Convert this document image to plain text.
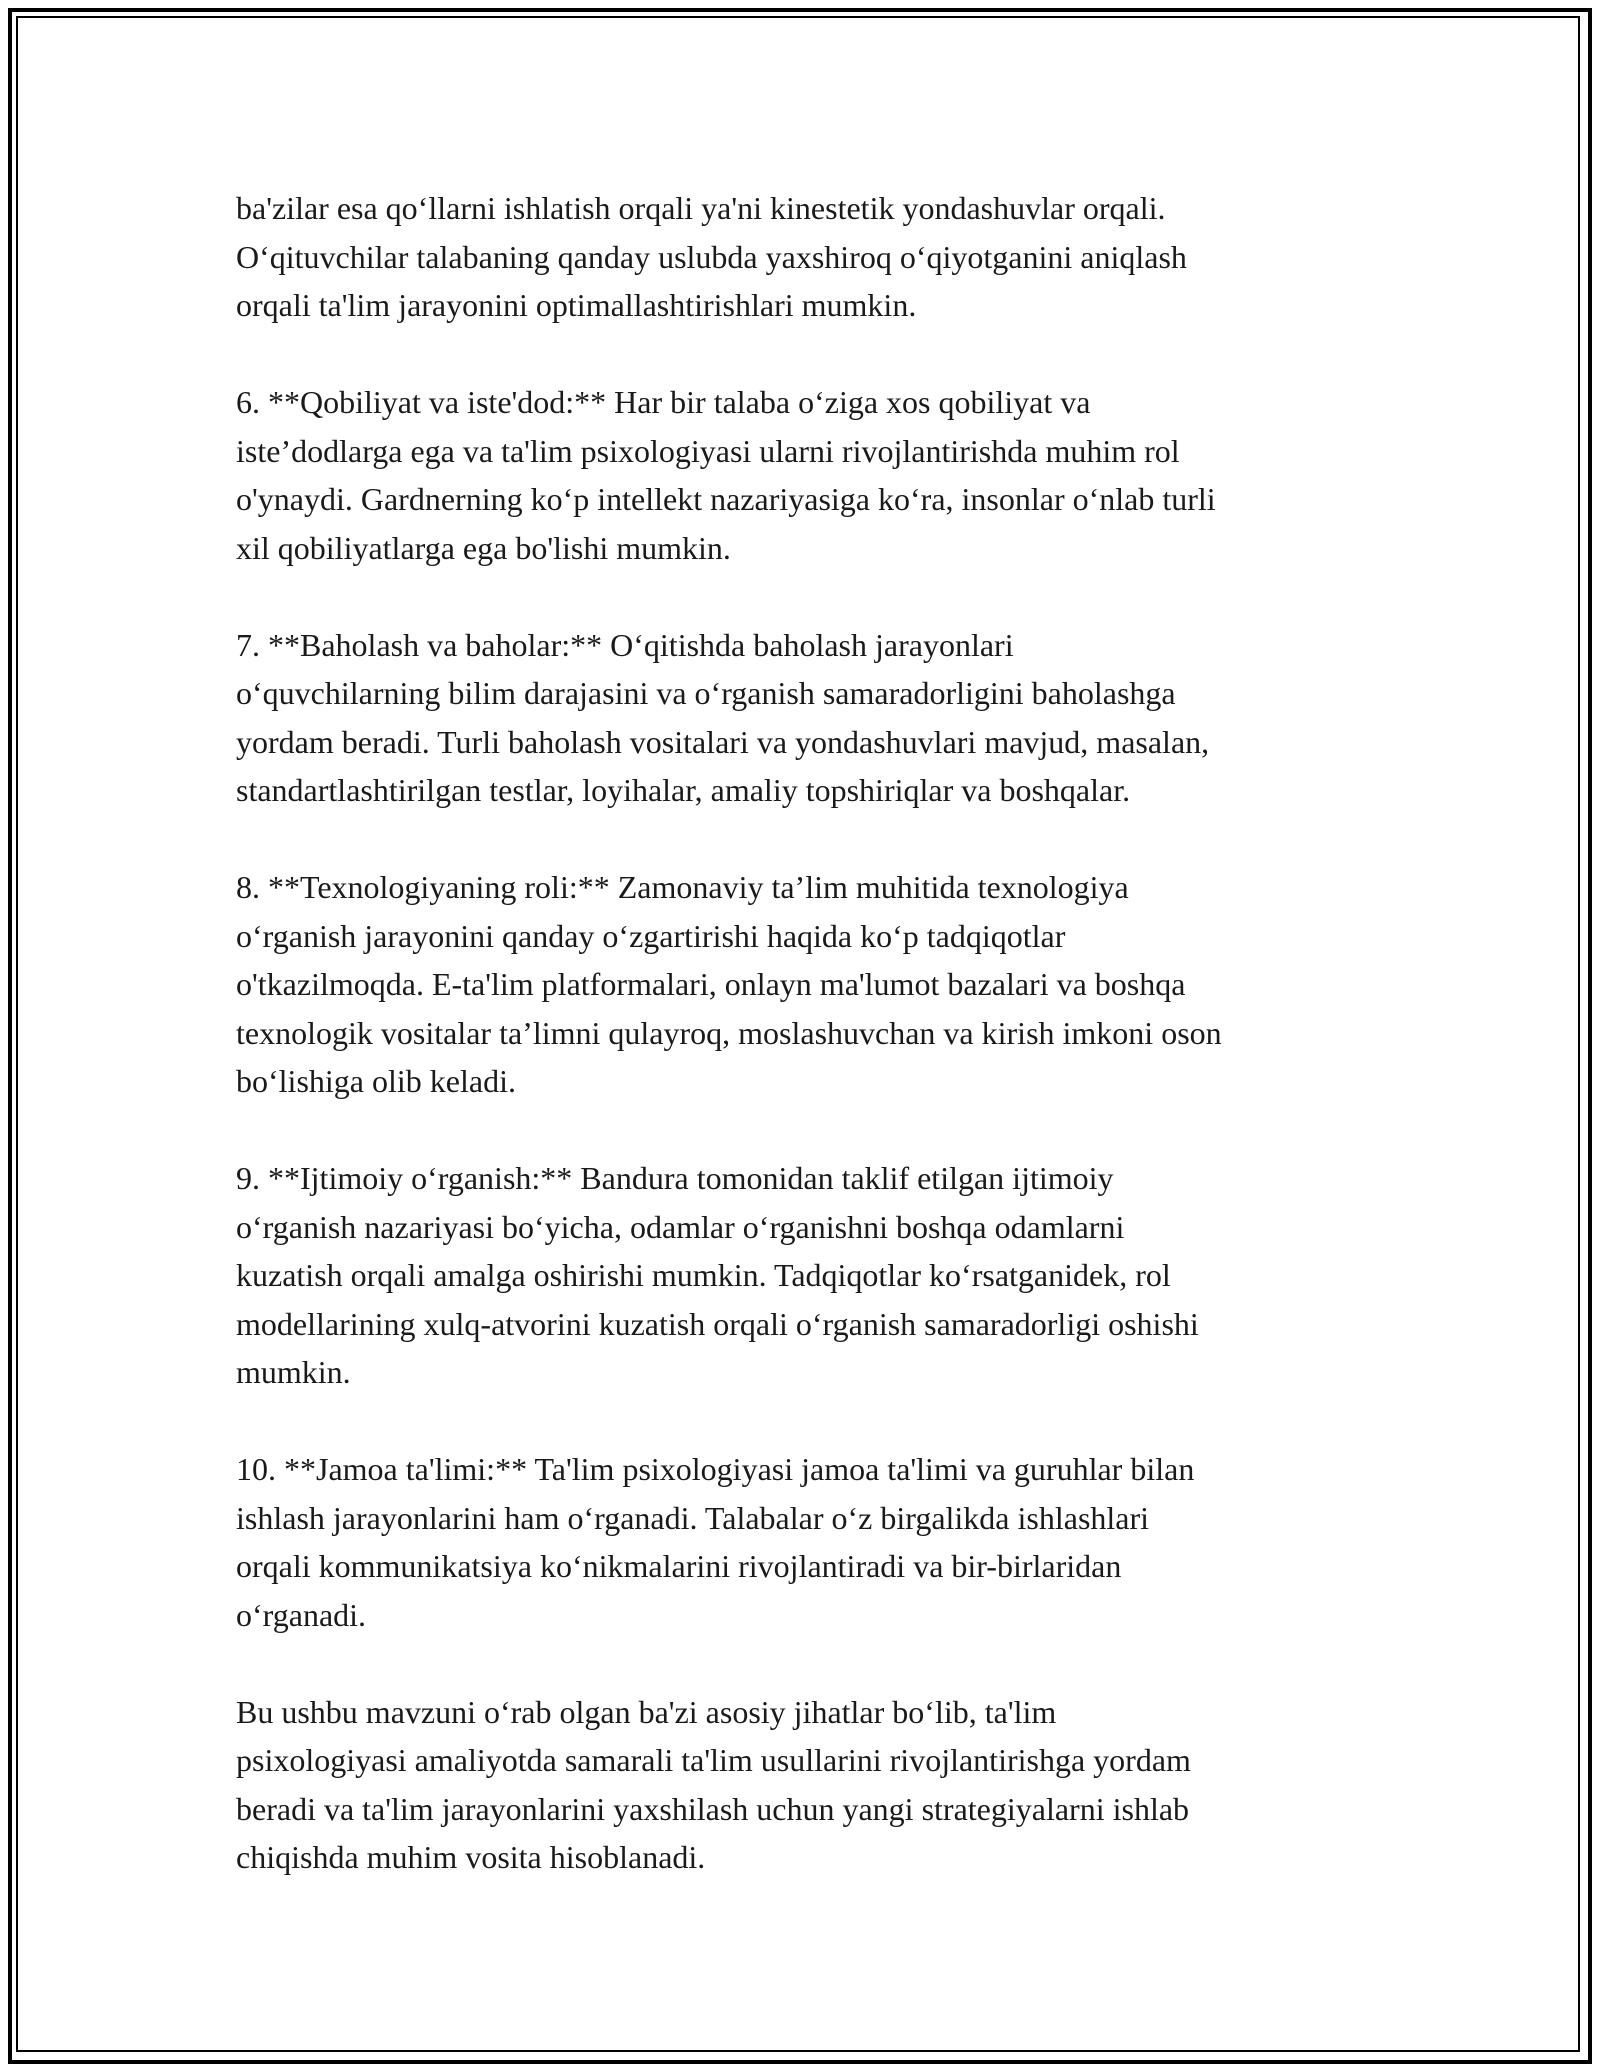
ba'zilar esa qo‘llarni ishlatish orqali ya'ni kinestetik yondashuvlar orqali.
O‘qituvchilar talabaning qanday uslubda yaxshiroq o‘qiyotganini aniqlash
orqali ta'lim jarayonini optimallashtirishlari mumkin.

6. **Qobiliyat va iste'dod:** Har bir talaba o‘ziga xos qobiliyat va
iste’dodlarga ega va ta'lim psixologiyasi ularni rivojlantirishda muhim rol
o'ynaydi. Gardnerning ko‘p intellekt nazariyasiga ko‘ra, insonlar o‘nlab turli
xil qobiliyatlarga ega bo'lishi mumkin.

7. **Baholash va baholar:** O‘qitishda baholash jarayonlari
o‘quvchilarning bilim darajasini va o‘rganish samaradorligini baholashga
yordam beradi. Turli baholash vositalari va yondashuvlari mavjud, masalan,
standartlashtirilgan testlar, loyihalar, amaliy topshiriqlar va boshqalar.

8. **Texnologiyaning roli:** Zamonaviy ta’lim muhitida texnologiya
o‘rganish jarayonini qanday o‘zgartirishi haqida ko‘p tadqiqotlar
o'tkazilmoqda. E-ta'lim platformalari, onlayn ma'lumot bazalari va boshqa
texnologik vositalar ta’limni qulayroq, moslashuvchan va kirish imkoni oson
bo‘lishiga olib keladi.

9. **Ijtimoiy o‘rganish:** Bandura tomonidan taklif etilgan ijtimoiy
o‘rganish nazariyasi bo‘yicha, odamlar o‘rganishni boshqa odamlarni
kuzatish orqali amalga oshirishi mumkin. Tadqiqotlar ko‘rsatganidek, rol
modellarining xulq-atvorini kuzatish orqali o‘rganish samaradorligi oshishi
mumkin.

10. **Jamoa ta'limi:** Ta'lim psixologiyasi jamoa ta'limi va guruhlar bilan
ishlash jarayonlarini ham o‘rganadi. Talabalar o‘z birgalikda ishlashlari
orqali kommunikatsiya ko‘nikmalarini rivojlantiradi va bir-birlaridan
o‘rganadi.

Bu ushbu mavzuni o‘rab olgan ba'zi asosiy jihatlar bo‘lib, ta'lim
psixologiyasi amaliyotda samarali ta'lim usullarini rivojlantirishga yordam
beradi va ta'lim jarayonlarini yaxshilash uchun yangi strategiyalarni ishlab
chiqishda muhim vosita hisoblanadi.
